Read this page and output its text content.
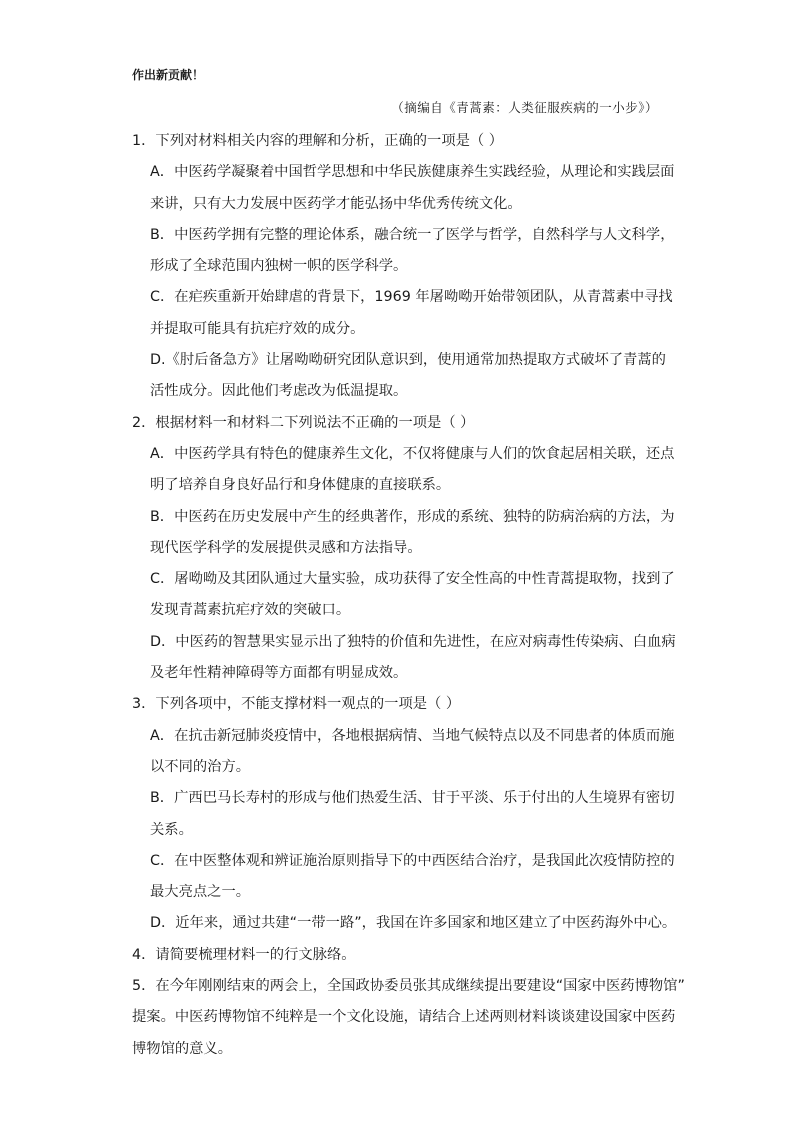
作出新贡献！
（摘编自《青蒿素：人类征服疾病的一小步》）
1．下列对材料相关内容的理解和分析，正确的一项是（ ）
A．中医药学凝聚着中国哲学思想和中华民族健康养生实践经验，从理论和实践层面
来讲，只有大力发展中医药学才能弘扬中华优秀传统文化。
B．中医药学拥有完整的理论体系，融合统一了医学与哲学，自然科学与人文科学，
形成了全球范围内独树一帜的医学科学。
C．在疟疾重新开始肆虐的背景下，1969 年屠呦呦开始带领团队，从青蒿素中寻找
并提取可能具有抗疟疗效的成分。
D.《肘后备急方》让屠呦呦研究团队意识到，使用通常加热提取方式破坏了青蒿的
活性成分。因此他们考虑改为低温提取。
2．根据材料一和材料二下列说法不正确的一项是（ ）
A．中医药学具有特色的健康养生文化，不仅将健康与人们的饮食起居相关联，还点
明了培养自身良好品行和身体健康的直接联系。
B．中医药在历史发展中产生的经典著作，形成的系统、独特的防病治病的方法，为
现代医学科学的发展提供灵感和方法指导。
C．屠呦呦及其团队通过大量实验，成功获得了安全性高的中性青蒿提取物，找到了
发现青蒿素抗疟疗效的突破口。
D．中医药的智慧果实显示出了独特的价值和先进性，在应对病毒性传染病、白血病
及老年性精神障碍等方面都有明显成效。
3．下列各项中，不能支撑材料一观点的一项是（ ）
A．在抗击新冠肺炎疫情中，各地根据病情、当地气候特点以及不同患者的体质而施
以不同的治方。
B．广西巴马长寿村的形成与他们热爱生活、甘于平淡、乐于付出的人生境界有密切
关系。
C．在中医整体观和辨证施治原则指导下的中西医结合治疗，是我国此次疫情防控的
最大亮点之一。
D．近年来，通过共建“一带一路”，我国在许多国家和地区建立了中医药海外中心。
4．请简要梳理材料一的行文脉络。
5．在今年刚刚结束的两会上，全国政协委员张其成继续提出要建设“国家中医药博物馆”
提案。中医药博物馆不纯粹是一个文化设施，请结合上述两则材料谈谈建设国家中医药
博物馆的意义。
